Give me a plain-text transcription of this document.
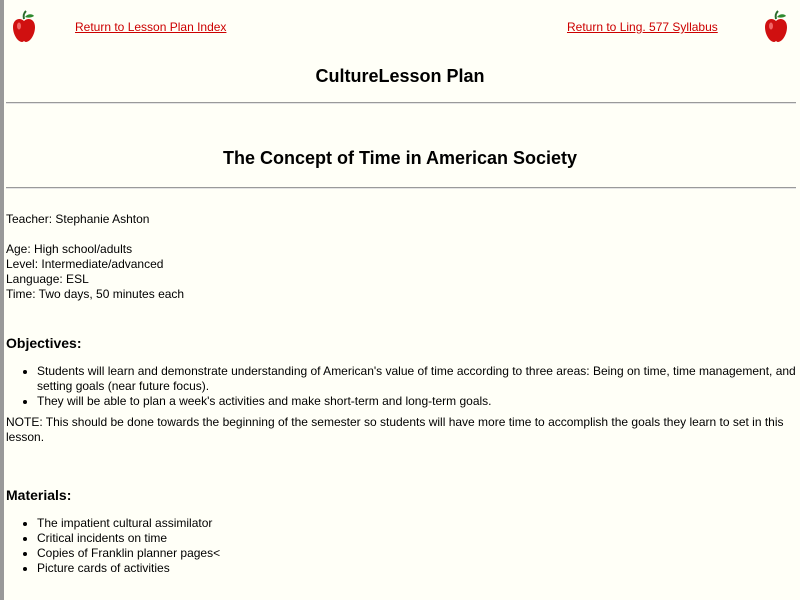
Return to Lesson Plan Index	Return to Ling. 577 Syllabus
CultureLesson Plan
The Concept of Time in American Society

Teacher: Stephanie Ashton

Age: High school/adults

Level: Intermediate/advanced

Language: ESL

Time: Two days, 50 minutes each

Objectives:
• Students will learn and demonstrate understanding of American's value of time according to three areas: Being on time, time management, and setting goals (near future focus).
• They will be able to plan a week's activities and make short-term and long-term goals.

NOTE: This should be done towards the beginning of the semester so students will have more time to accomplish the goals they learn to set in this lesson.

Materials:
• The impatient cultural assimilator
• Critical incidents on time
• Copies of Franklin planner pages<
• Picture cards of activities
